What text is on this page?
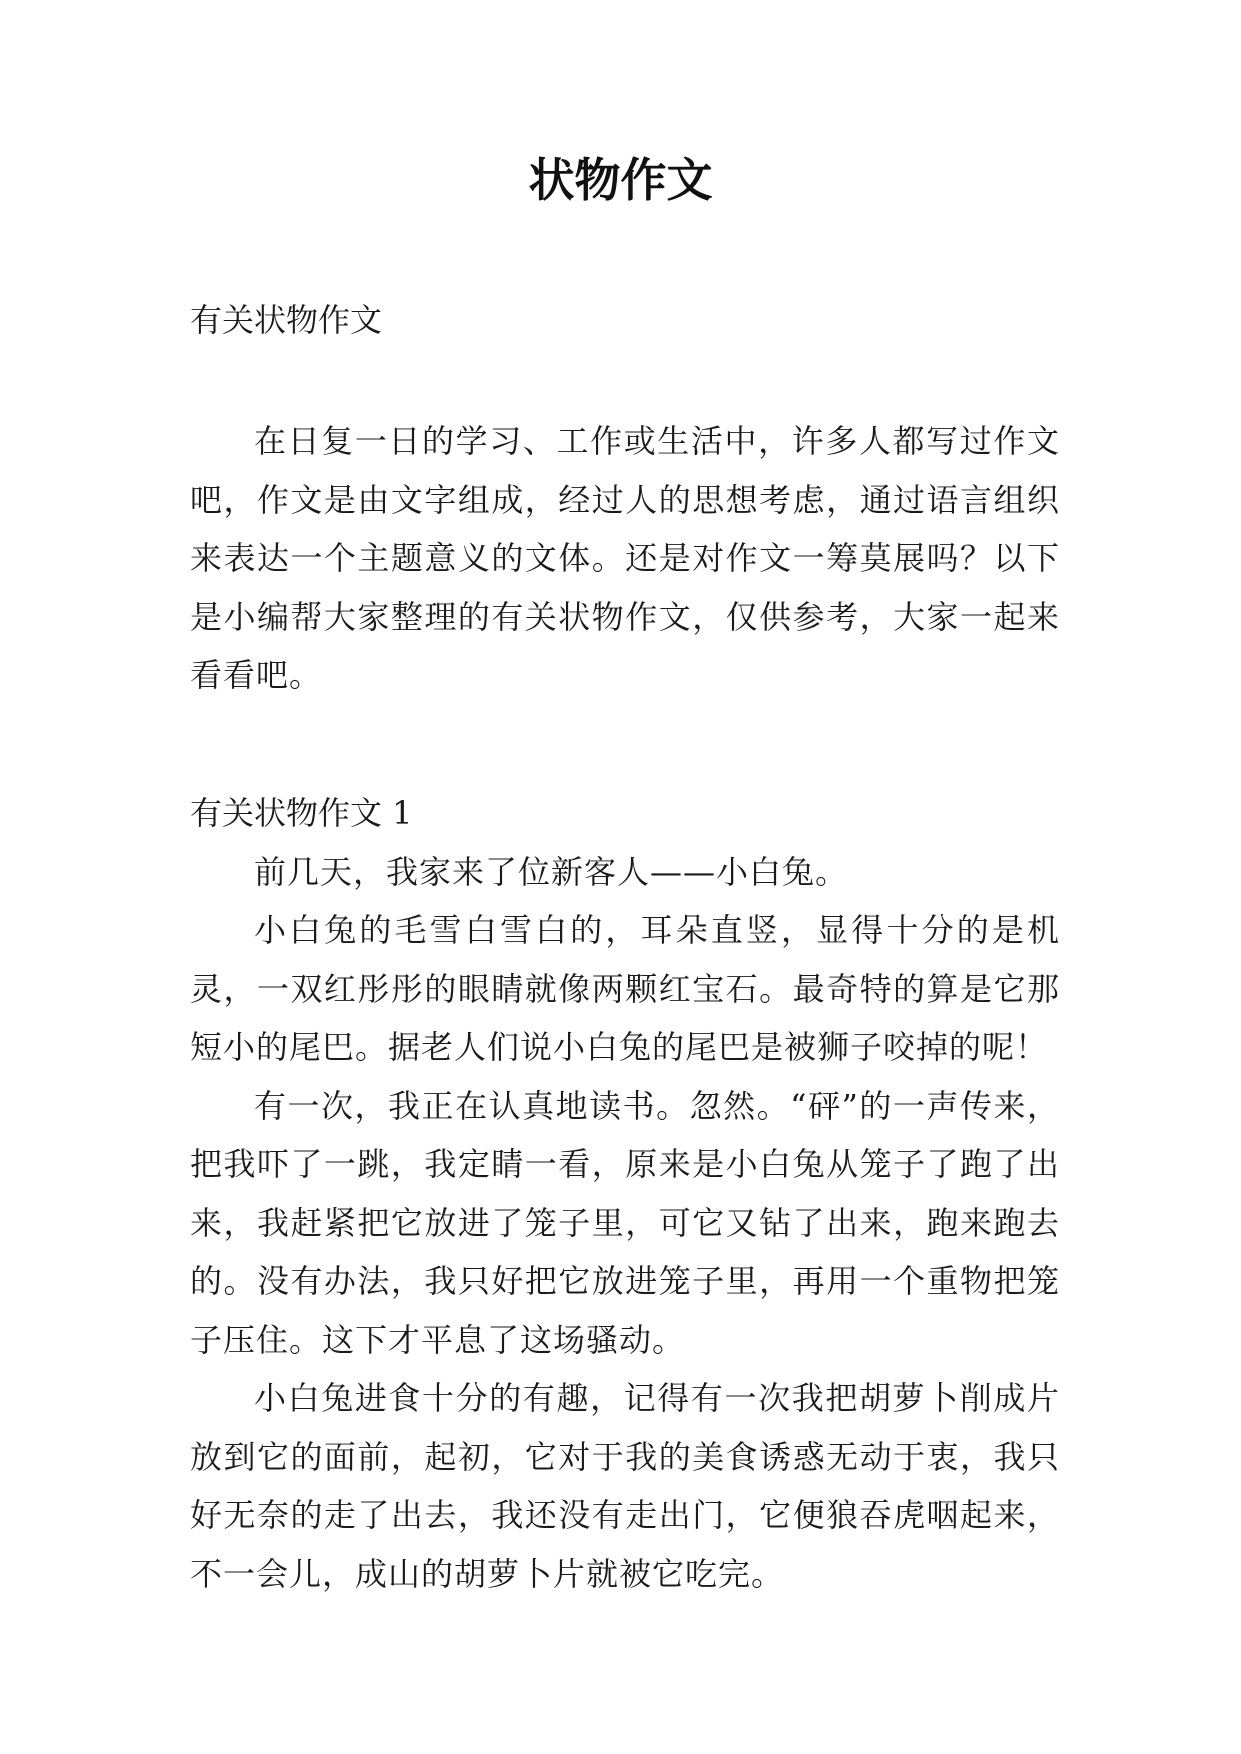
状物作文

有关状物作文

在日复一日的学习、工作或生活中，许多人都写过作文吧，作文是由文字组成，经过人的思想考虑，通过语言组织来表达一个主题意义的文体。还是对作文一筹莫展吗？以下是小编帮大家整理的有关状物作文，仅供参考，大家一起来看看吧。

有关状物作文 1

前几天，我家来了位新客人——小白兔。

小白兔的毛雪白雪白的，耳朵直竖，显得十分的是机灵，一双红彤彤的眼睛就像两颗红宝石。最奇特的算是它那短小的尾巴。据老人们说小白兔的尾巴是被狮子咬掉的呢！

有一次，我正在认真地读书。忽然。“砰”的一声传来，把我吓了一跳，我定睛一看，原来是小白兔从笼子了跑了出来，我赶紧把它放进了笼子里，可它又钻了出来，跑来跑去的。没有办法，我只好把它放进笼子里，再用一个重物把笼子压住。这下才平息了这场骚动。

小白兔进食十分的有趣，记得有一次我把胡萝卜削成片放到它的面前，起初，它对于我的美食诱惑无动于衷，我只好无奈的走了出去，我还没有走出门，它便狼吞虎咽起来，不一会儿，成山的胡萝卜片就被它吃完。
